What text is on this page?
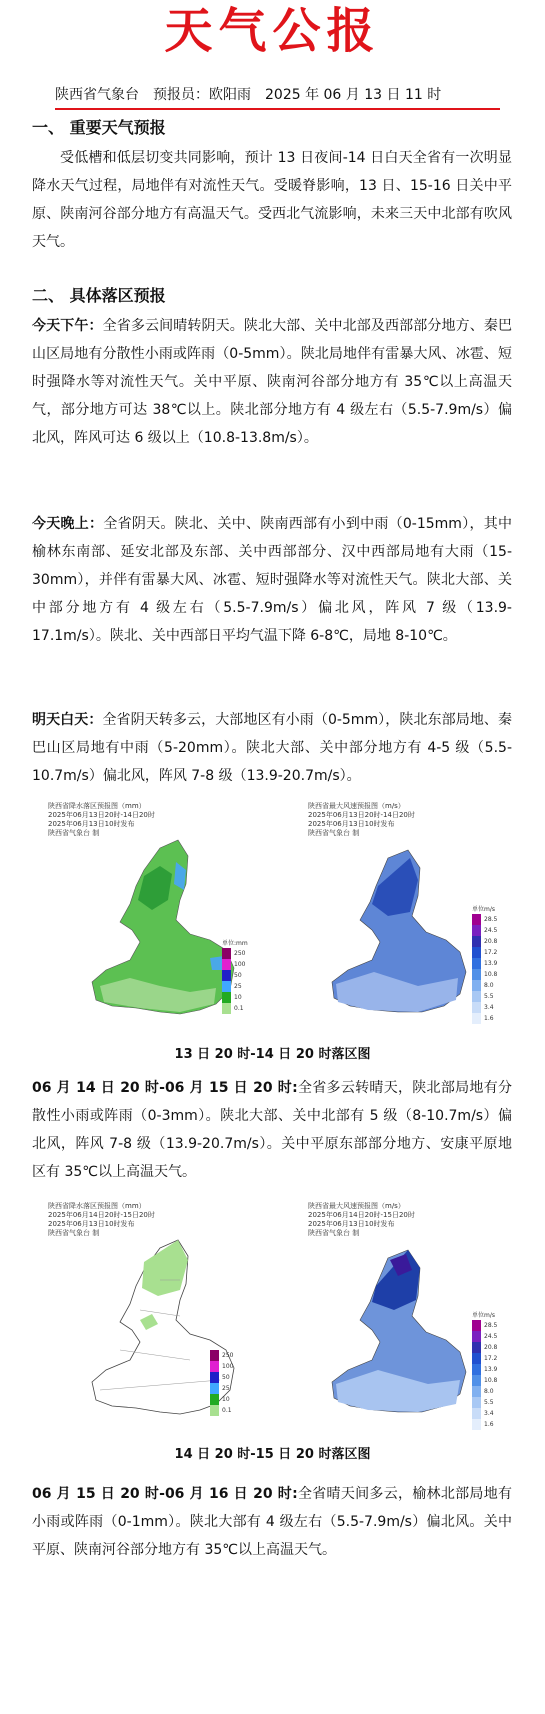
天气公报
陕西省气象台　预报员：欧阳雨　2025 年 06 月 13 日 11 时

一、 重要天气预报

受低槽和低层切变共同影响，预计 13 日夜间-14 日白天全省有一次明显降水天气过程，局地伴有对流性天气。受暖脊影响，13 日、15-16 日关中平原、陕南河谷部分地方有高温天气。受西北气流影响，未来三天中北部有吹风天气。

二、 具体落区预报

今天下午：全省多云间晴转阴天。陕北大部、关中北部及西部部分地方、秦巴山区局地有分散性小雨或阵雨（0-5mm）。陕北局地伴有雷暴大风、冰雹、短时强降水等对流性天气。关中平原、陕南河谷部分地方有 35℃以上高温天气，部分地方可达 38℃以上。陕北部分地方有 4 级左右（5.5-7.9m/s）偏北风，阵风可达 6 级以上（10.8-13.8m/s）。

今天晚上：全省阴天。陕北、关中、陕南西部有小到中雨（0-15mm），其中榆林东南部、延安北部及东部、关中西部部分、汉中西部局地有大雨（15-30mm），并伴有雷暴大风、冰雹、短时强降水等对流性天气。陕北大部、关中部分地方有 4 级左右（5.5-7.9m/s）偏北风，阵风 7 级（13.9-17.1m/s）。陕北、关中西部日平均气温下降 6-8℃，局地 8-10℃。

明天白天：全省阴天转多云，大部地区有小雨（0-5mm），陕北东部局地、秦巴山区局地有中雨（5-20mm）。陕北大部、关中部分地方有 4-5 级（5.5-10.7m/s）偏北风，阵风 7-8 级（13.9-20.7m/s）。

陕西省降水落区预报图（mm）
2025年06月13日20时-14日20时
2025年06月13日10时发布
陕西省气象台 制
单位:mm
250
100
50
25
10
0.1
陕西省最大风速预报图（m/s）
2025年06月13日20时-14日20时
2025年06月13日10时发布
陕西省气象台 制
单位m/s
28.5
24.5
20.8
17.2
13.9
10.8
8.0
5.5
3.4
1.6
13 日 20 时-14 日 20 时落区图

06 月 14 日 20 时-06 月 15 日 20 时:全省多云转晴天，陕北部局地有分散性小雨或阵雨（0-3mm）。陕北大部、关中北部有 5 级（8-10.7m/s）偏北风，阵风 7-8 级（13.9-20.7m/s）。关中平原东部部分地方、安康平原地区有 35℃以上高温天气。

陕西省降水落区预报图（mm）
2025年06月14日20时-15日20时
2025年06月13日10时发布
陕西省气象台 制
250
100
50
25
10
0.1
陕西省最大风速预报图（m/s）
2025年06月14日20时-15日20时
2025年06月13日10时发布
陕西省气象台 制
单位m/s
28.5
24.5
20.8
17.2
13.9
10.8
8.0
5.5
3.4
1.6
14 日 20 时-15 日 20 时落区图

06 月 15 日 20 时-06 月 16 日 20 时:全省晴天间多云，榆林北部局地有小雨或阵雨（0-1mm）。陕北大部有 4 级左右（5.5-7.9m/s）偏北风。关中平原、陕南河谷部分地方有 35℃以上高温天气。
